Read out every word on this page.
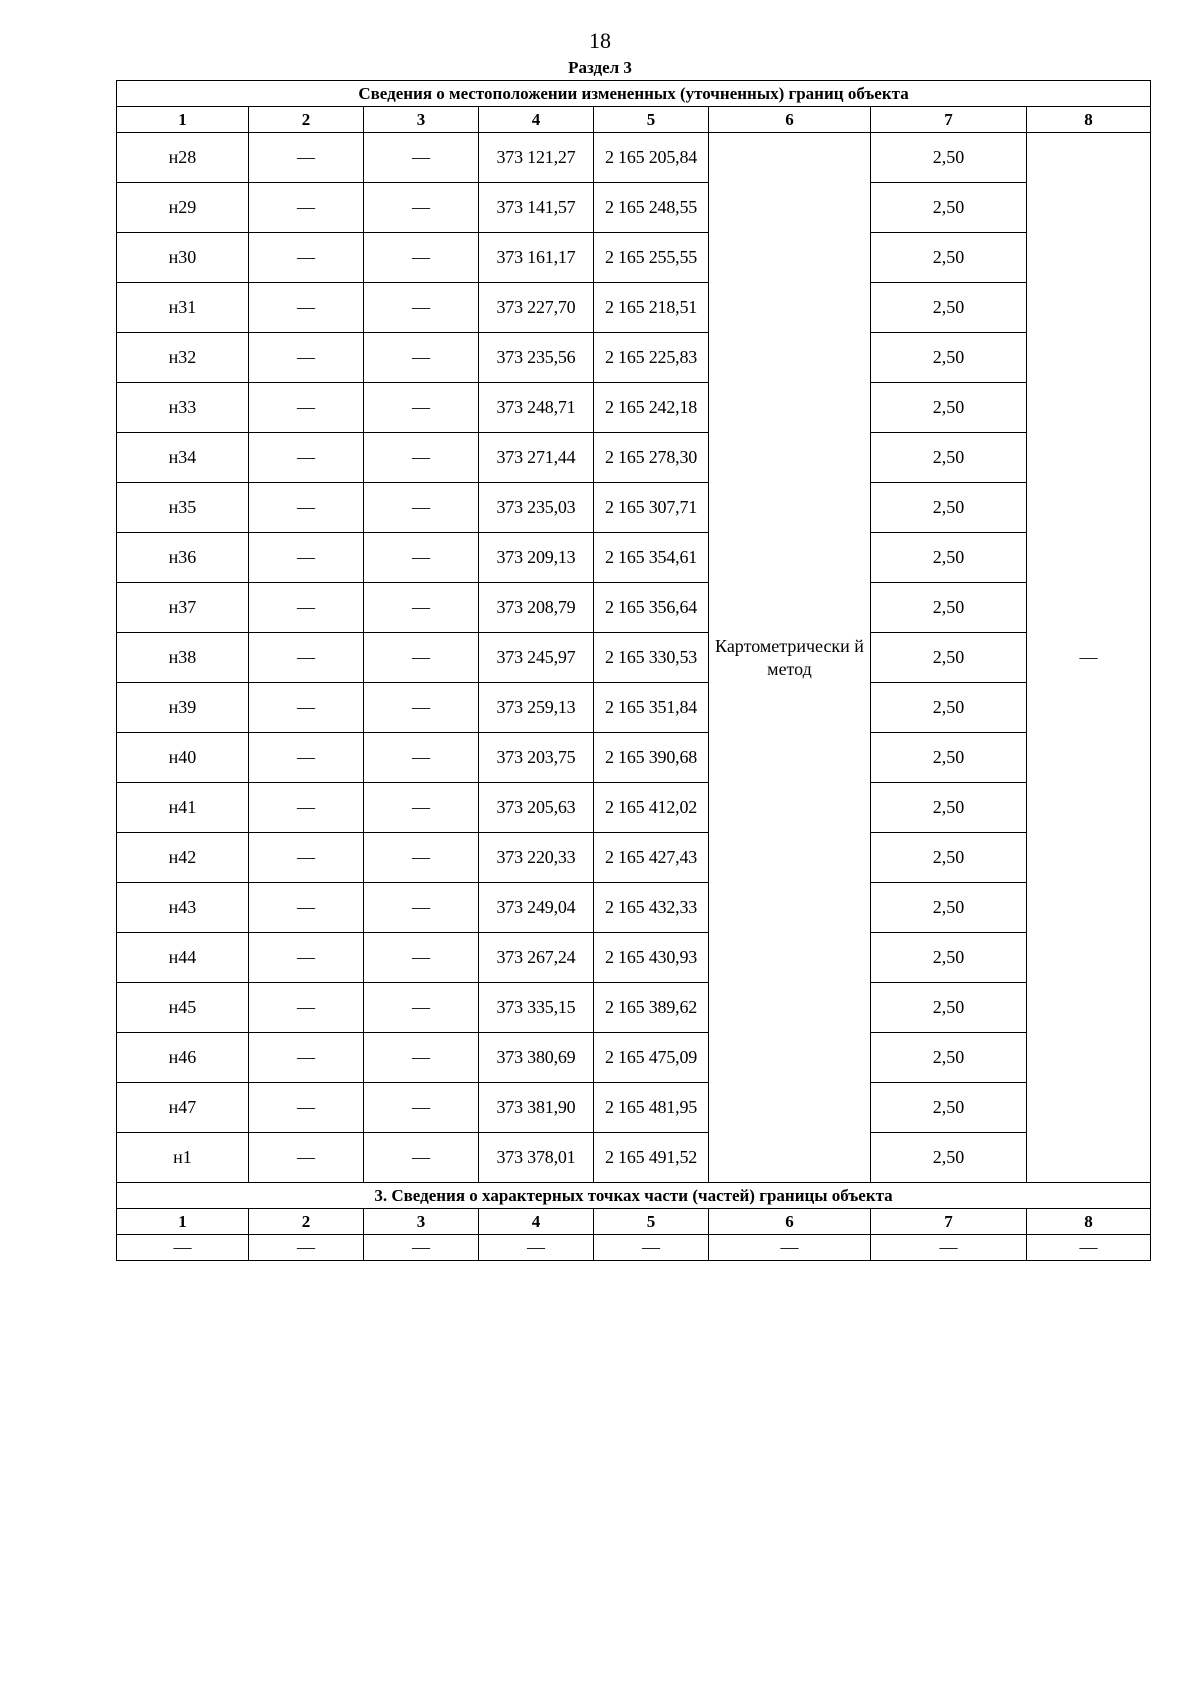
18
Раздел 3
Сведения о местоположении измененных (уточненных) границ объекта							
1	2	3	4	5	6	7	8
н28	—	—	373 121,27	2 165 205,84	Картометрически й метод	2,50	—
н29	—	—	373 141,57	2 165 248,55		2,50	
н30	—	—	373 161,17	2 165 255,55		2,50	
н31	—	—	373 227,70	2 165 218,51		2,50	
н32	—	—	373 235,56	2 165 225,83		2,50	
н33	—	—	373 248,71	2 165 242,18		2,50	
н34	—	—	373 271,44	2 165 278,30		2,50	
н35	—	—	373 235,03	2 165 307,71		2,50	
н36	—	—	373 209,13	2 165 354,61		2,50	
н37	—	—	373 208,79	2 165 356,64		2,50	
н38	—	—	373 245,97	2 165 330,53		2,50	
н39	—	—	373 259,13	2 165 351,84		2,50	
н40	—	—	373 203,75	2 165 390,68		2,50	
н41	—	—	373 205,63	2 165 412,02		2,50	
н42	—	—	373 220,33	2 165 427,43		2,50	
н43	—	—	373 249,04	2 165 432,33		2,50	
н44	—	—	373 267,24	2 165 430,93		2,50	
н45	—	—	373 335,15	2 165 389,62		2,50	
н46	—	—	373 380,69	2 165 475,09		2,50	
н47	—	—	373 381,90	2 165 481,95		2,50	
н1	—	—	373 378,01	2 165 491,52		2,50	
3. Сведения о характерных точках части (частей) границы объекта							
1	2	3	4	5	6	7	8
—	—	—	—	—	—	—	—
